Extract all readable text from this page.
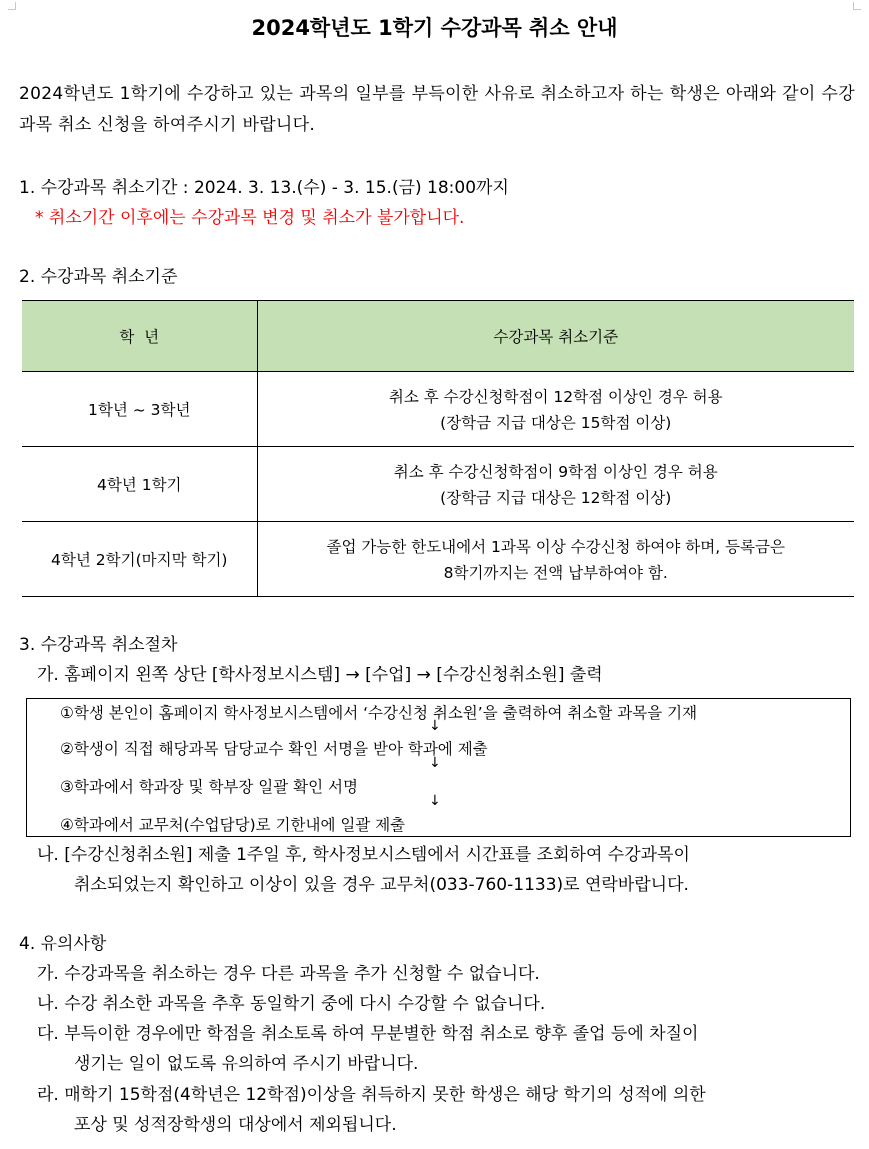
2024학년도 1학기 수강과목 취소 안내
2024학년도 1학기에 수강하고 있는 과목의 일부를 부득이한 사유로 취소하고자 하는 학생은 아래와 같이 수강과목 취소 신청을 하여주시기 바랍니다.
1. 수강과목 취소기간 : 2024. 3. 13.(수) - 3. 15.(금) 18:00까지
* 취소기간 이후에는 수강과목 변경 및 취소가 불가합니다.
2. 수강과목 취소기준
학  년	수강과목 취소기준
1학년 ~ 3학년	취소 후 수강신청학점이 12학점 이상인 경우 허용
(장학금 지급 대상은 15학점 이상)

4학년 1학기	취소 후 수강신청학점이 9학점 이상인 경우 허용
(장학금 지급 대상은 12학점 이상)

4학년 2학기(마지막 학기)	졸업 가능한 한도내에서 1과목 이상 수강신청 하여야 하며, 등록금은
8학기까지는 전액 납부하여야 함.
3. 수강과목 취소절차
가. 홈페이지 왼쪽 상단 [학사정보시스템] → [수업] → [수강신청취소원] 출력
①학생 본인이 홈페이지 학사정보시스템에서 ‘수강신청 취소원’을 출력하여 취소할 과목을 기재
↓
②학생이 직접 해당과목 담당교수 확인 서명을 받아 학과에 제출
↓
③학과에서 학과장 및 학부장 일괄 확인 서명
↓
④학과에서 교무처(수업담당)로 기한내에 일괄 제출
나. [수강신청취소원] 제출 1주일 후, 학사정보시스템에서 시간표를 조회하여 수강과목이
취소되었는지 확인하고 이상이 있을 경우 교무처(033-760-1133)로 연락바랍니다.
4. 유의사항
가. 수강과목을 취소하는 경우 다른 과목을 추가 신청할 수 없습니다.
나. 수강 취소한 과목을 추후 동일학기 중에 다시 수강할 수 없습니다.
다. 부득이한 경우에만 학점을 취소토록 하여 무분별한 학점 취소로 향후 졸업 등에 차질이
생기는 일이 없도록 유의하여 주시기 바랍니다.
라. 매학기 15학점(4학년은 12학점)이상을 취득하지 못한 학생은 해당 학기의 성적에 의한
포상 및 성적장학생의 대상에서 제외됩니다.
